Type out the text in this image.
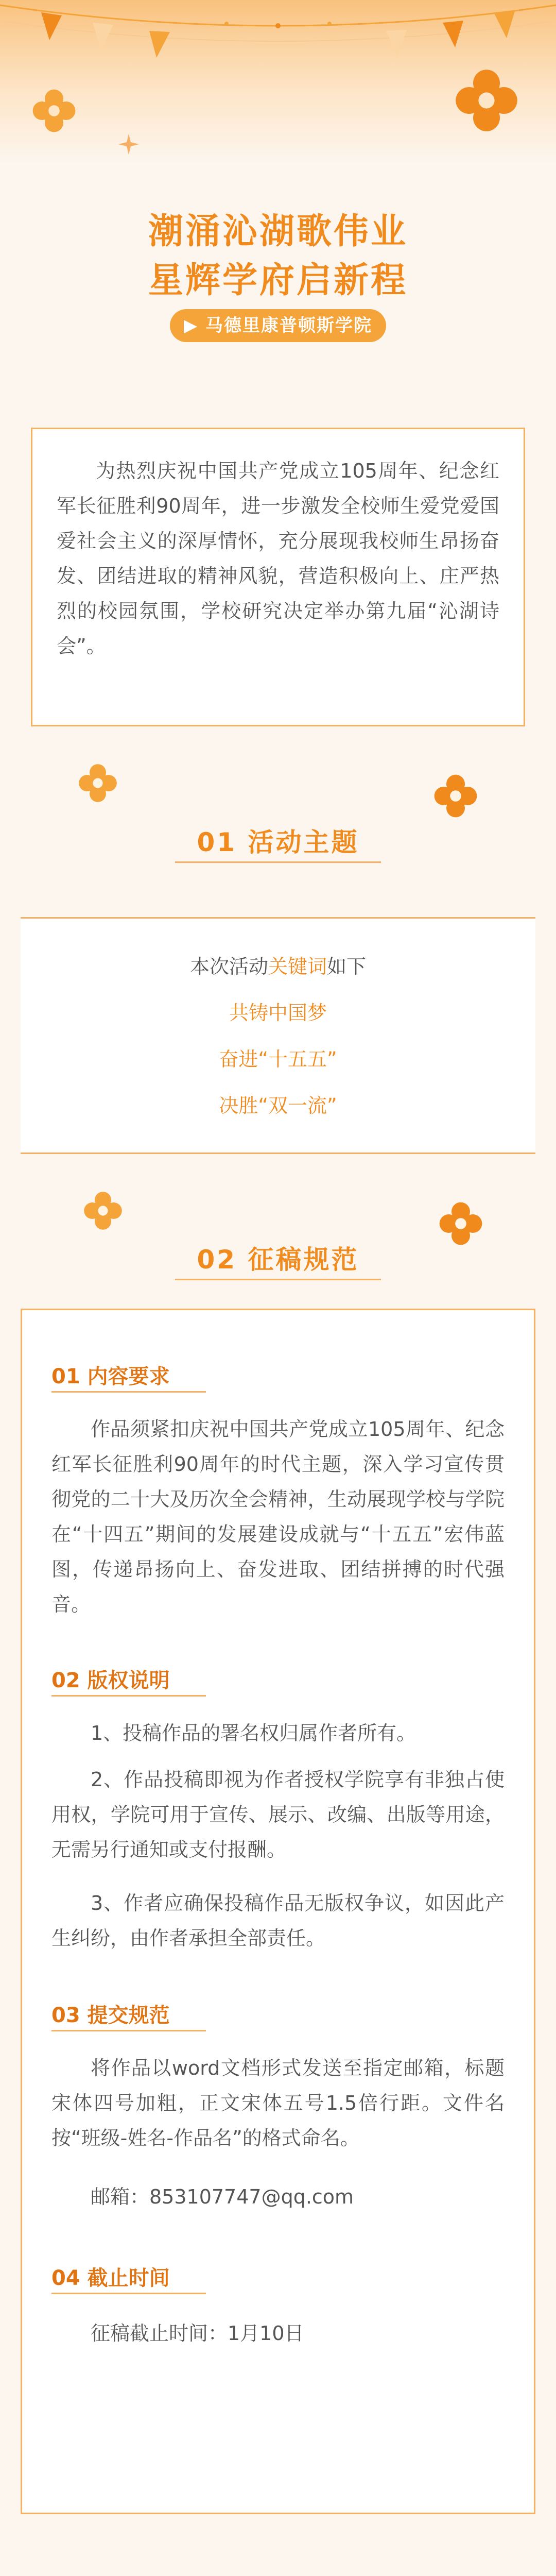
潮涌沁湖歌伟业
星辉学府启新程
▶ 马德里康普顿斯学院
为热烈庆祝中国共产党成立105周年、纪念红军长征胜利90周年，进一步激发全校师生爱党爱国爱社会主义的深厚情怀，充分展现我校师生昂扬奋发、团结进取的精神风貌，营造积极向上、庄严热烈的校园氛围，学校研究决定举办第九届“沁湖诗会”。
01 活动主题
本次活动关键词如下
共铸中国梦
奋进“十五五”
决胜“双一流”
02 征稿规范
01 内容要求
作品须紧扣庆祝中国共产党成立105周年、纪念红军长征胜利90周年的时代主题，深入学习宣传贯彻党的二十大及历次全会精神，生动展现学校与学院在“十四五”期间的发展建设成就与“十五五”宏伟蓝图，传递昂扬向上、奋发进取、团结拼搏的时代强音。
02 版权说明
1、投稿作品的署名权归属作者所有。
2、作品投稿即视为作者授权学院享有非独占使用权，学院可用于宣传、展示、改编、出版等用途，无需另行通知或支付报酬。
3、作者应确保投稿作品无版权争议，如因此产生纠纷，由作者承担全部责任。
03 提交规范
将作品以word文档形式发送至指定邮箱，标题宋体四号加粗，正文宋体五号1.5倍行距。文件名按“班级-姓名-作品名”的格式命名。
邮箱：853107747@qq.com
04 截止时间
征稿截止时间：1月10日
